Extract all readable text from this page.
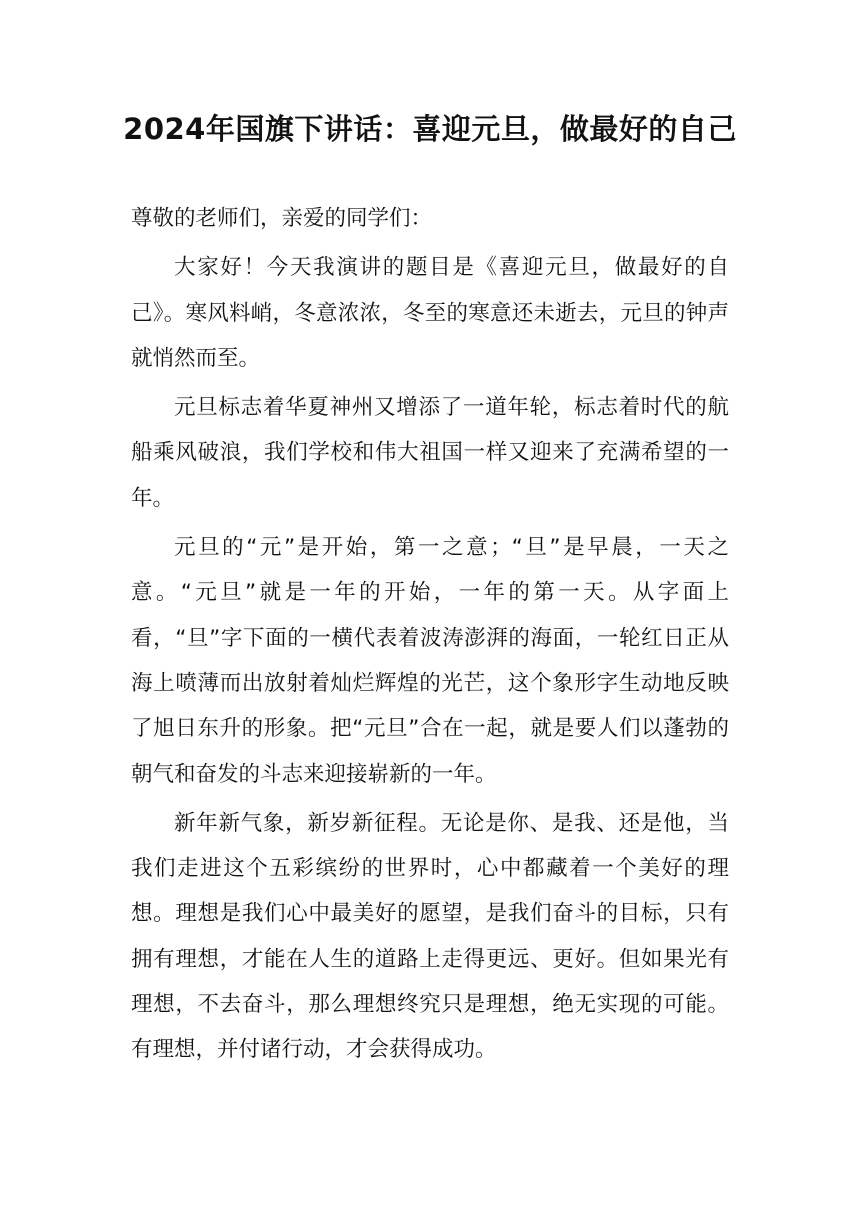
2024年国旗下讲话：喜迎元旦，做最好的自己

尊敬的老师们，亲爱的同学们：

大家好！今天我演讲的题目是《喜迎元旦，做最好的自己》。寒风料峭，冬意浓浓，冬至的寒意还未逝去，元旦的钟声就悄然而至。

元旦标志着华夏神州又增添了一道年轮，标志着时代的航船乘风破浪，我们学校和伟大祖国一样又迎来了充满希望的一年。

元旦的“元”是开始，第一之意；“旦”是早晨，一天之意。“元旦”就是一年的开始，一年的第一天。从字面上看，“旦”字下面的一横代表着波涛澎湃的海面，一轮红日正从海上喷薄而出放射着灿烂辉煌的光芒，这个象形字生动地反映了旭日东升的形象。把“元旦”合在一起，就是要人们以蓬勃的朝气和奋发的斗志来迎接崭新的一年。

新年新气象，新岁新征程。无论是你、是我、还是他，当我们走进这个五彩缤纷的世界时，心中都藏着一个美好的理想。理想是我们心中最美好的愿望，是我们奋斗的目标，只有拥有理想，才能在人生的道路上走得更远、更好。但如果光有理想，不去奋斗，那么理想终究只是理想，绝无实现的可能。有理想，并付诸行动，才会获得成功。
